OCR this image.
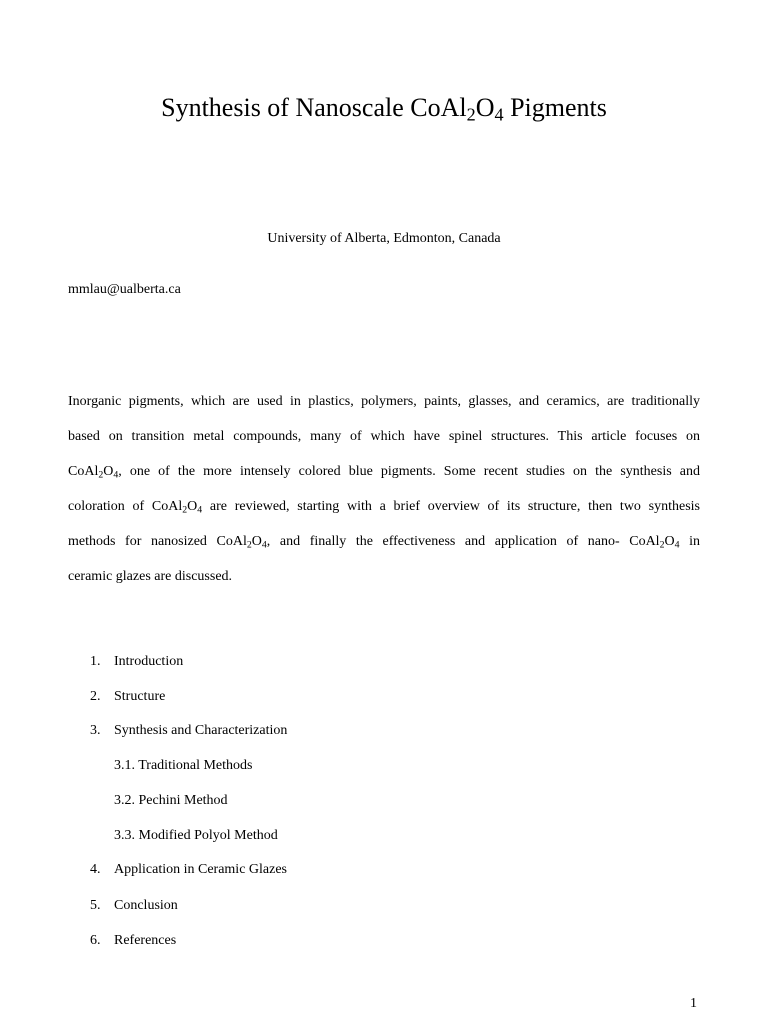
Synthesis of Nanoscale $CoAl_2O_4$ Pigments
University of Alberta, Edmonton, Canada
mmlau@ualberta.ca
Inorganic pigments, which are used in plastics, polymers, paints, glasses, and ceramics, are traditionally
based on transition metal compounds, many of which have spinel structures. This article focuses on
$CoAl_2O_4$, one of the more intensely colored blue pigments. Some recent studies on the synthesis and
coloration of $CoAl_2O_4$ are reviewed, starting with a brief overview of its structure, then two synthesis
methods for nanosized $CoAl_2O_4$, and finally the effectiveness and application of nano- $CoAl_2O_4$ in
ceramic glazes are discussed.
1. Introduction
2. Structure
3. Synthesis and Characterization
3.1. Traditional Methods
3.2. Pechini Method
3.3. Modified Polyol Method
4. Application in Ceramic Glazes
5. Conclusion
6. References
1
